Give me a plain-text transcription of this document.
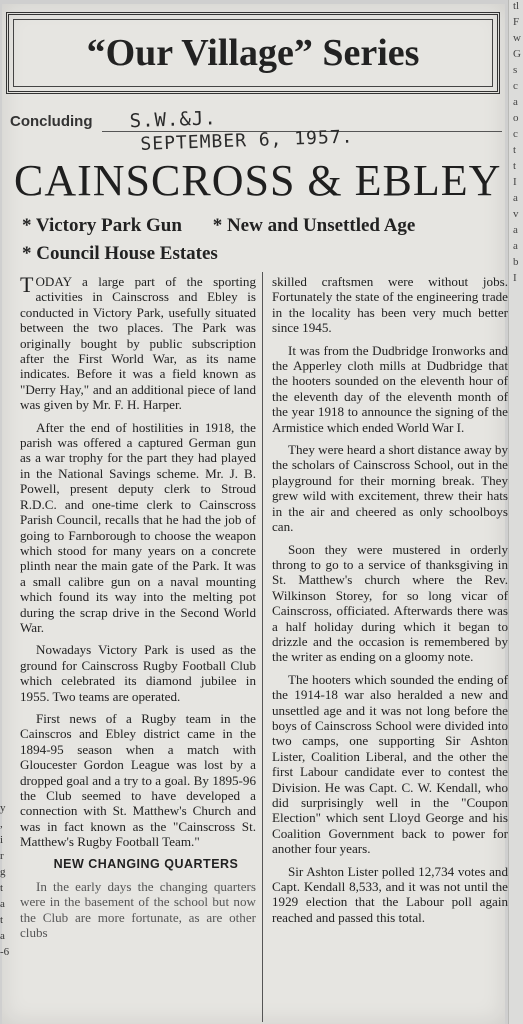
y
,
i
r
g
t
a
t
a
-6
tl
F
w
G
s
c
a
o
c
t
t
I
a
v
a
a
b
I
“Our Village” Series
Concluding S.W.&J.
SEPTEMBER 6, 1957.
CAINSCROSS & EBLEY
* Victory Park Gun * New and Unsettled Age
* Council House Estates

TODAY a large part of the sporting activities in Cainscross and Ebley is conducted in Victory Park, usefully situated between the two places. The Park was originally bought by public subscription after the First World War, as its name indicates. Before it was a field known as "Derry Hay," and an additional piece of land was given by Mr. F. H. Harper.

After the end of hostilities in 1918, the parish was offered a captured German gun as a war trophy for the part they had played in the National Savings scheme. Mr. J. B. Powell, present deputy clerk to Stroud R.D.C. and one-time clerk to Cainscross Parish Council, recalls that he had the job of going to Farnborough to choose the weapon which stood for many years on a concrete plinth near the main gate of the Park. It was a small calibre gun on a naval mounting which found its way into the melting pot during the scrap drive in the Second World War.

Nowadays Victory Park is used as the ground for Cainscross Rugby Football Club which celebrated its diamond jubilee in 1955. Two teams are operated.

First news of a Rugby team in the Cainscros and Ebley district came in the 1894-95 season when a match with Gloucester Gordon League was lost by a dropped goal and a try to a goal. By 1895-96 the Club seemed to have developed a connection with St. Matthew's Church and was in fact known as the "Cainscross St. Matthew's Rugby Football Team."

NEW CHANGING QUARTERS

In the early days the changing quarters were in the basement of the school but now the Club are more fortunate, as are other clubs

skilled craftsmen were without jobs. Fortunately the state of the engineering trade in the locality has been very much better since 1945.

It was from the Dudbridge Ironworks and the Apperley cloth mills at Dudbridge that the hooters sounded on the eleventh hour of the eleventh day of the eleventh month of the year 1918 to announce the signing of the Armistice which ended World War I.

They were heard a short distance away by the scholars of Cainscross School, out in the playground for their morning break. They grew wild with excitement, threw their hats in the air and cheered as only schoolboys can.

Soon they were mustered in orderly throng to go to a service of thanksgiving in St. Matthew's church where the Rev. Wilkinson Storey, for so long vicar of Cainscross, officiated. Afterwards there was a half holiday during which it began to drizzle and the occasion is remembered by the writer as ending on a gloomy note.

The hooters which sounded the ending of the 1914-18 war also heralded a new and unsettled age and it was not long before the boys of Cainscross School were divided into two camps, one supporting Sir Ashton Lister, Coalition Liberal, and the other the first Labour candidate ever to contest the Division. He was Capt. C. W. Kendall, who did surprisingly well in the "Coupon Election" which sent Lloyd George and his Coalition Government back to power for another four years.

Sir Ashton Lister polled 12,734 votes and Capt. Kendall 8,533, and it was not until the 1929 election that the Labour poll again reached and passed this total.
